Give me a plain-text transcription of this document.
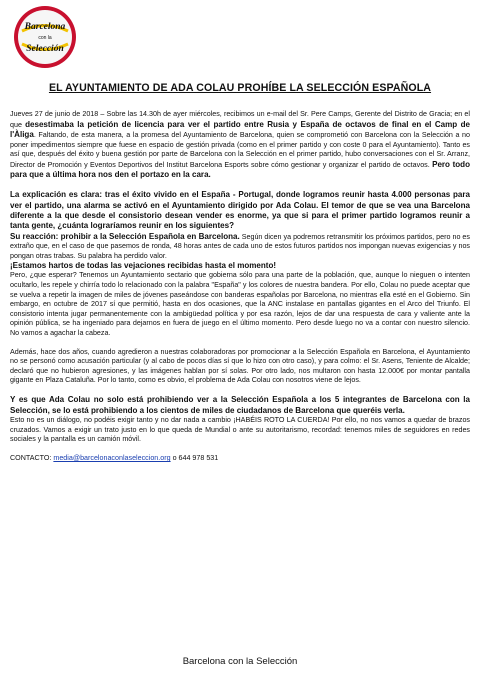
Barcelona
con la
Selección
EL AYUNTAMIENTO DE ADA COLAU PROHÍBE LA SELECCIÓN ESPAÑOLA

Jueves 27 de junio de 2018 – Sobre las 14.30h de ayer miércoles, recibimos un e-mail del Sr. Pere Camps, Gerente del Distrito de Gracia; en el que desestimaba la petición de licencia para ver el partido entre Rusia y España de octavos de final en el Camp de l'Àliga. Faltando, de esta manera, a la promesa del Ayuntamiento de Barcelona, quien se comprometió con Barcelona con la Selección a no poner impedimentos siempre que fuese en espacio de gestión privada (como en el primer partido y con coste 0 para el Ayuntamiento). Tanto es así que, después del éxito y buena gestión por parte de Barcelona con la Selección en el primer partido, hubo conversaciones con el Sr. Arranz, Director de Promoción y Eventos Deportivos del Institut Barcelona Esports sobre cómo gestionar y organizar el partido de octavos. Pero todo para que a última hora nos den el portazo en la cara.

La explicación es clara: tras el éxito vivido en el España - Portugal, donde logramos reunir hasta 4.000 personas para ver el partido, una alarma se activó en el Ayuntamiento dirigido por Ada Colau. El temor de que se vea una Barcelona diferente a la que desde el consistorio desean vender es enorme, ya que si para el primer partido logramos reunir a tanta gente, ¿cuánta lograríamos reunir en los siguientes?

Su reacción: prohibir a la Selección Española en Barcelona. Según dicen ya podremos retransmitir los próximos partidos, pero no es extraño que, en el caso de que pasemos de ronda, 48 horas antes de cada uno de estos futuros partidos nos impongan nuevas exigencias y nos pongan otras trabas. Su palabra ha perdido valor.

¡Estamos hartos de todas las vejaciones recibidas hasta el momento!

Pero, ¿que esperar? Tenemos un Ayuntamiento sectario que gobierna sólo para una parte de la población, que, aunque lo nieguen o intenten ocultarlo, les repele y chirría todo lo relacionado con la palabra "España" y los colores de nuestra bandera. Por ello, Colau no puede aceptar que se vuelva a repetir la imagen de miles de jóvenes paseándose con banderas españolas por Barcelona, no mientras ella esté en el Gobierno. Sin embargo, en octubre de 2017 sí que permitió, hasta en dos ocasiones, que la ANC instalase en pantallas gigantes en el Arco del Triunfo. El consistorio intenta jugar permanentemente con la ambigüedad política y por esa razón, lejos de dar una respuesta de cara y valiente ante la opinión pública, se ha ingeniado para dejarnos en fuera de juego en el último momento. Pero desde luego no va a contar con nuestro silencio. No vamos a agachar la cabeza.

Además, hace dos años, cuando agredieron a nuestras colaboradoras por promocionar a la Selección Española en Barcelona, el Ayuntamiento no se personó como acusación particular (y al cabo de pocos días sí que lo hizo con otro caso), y para colmo: el Sr. Asens, Teniente de Alcalde; declaró que no hubieron agresiones, y las imágenes hablan por sí solas. Por otro lado, nos multaron con hasta 12.000€ por montar pantalla gigante en Plaza Cataluña. Por lo tanto, como es obvio, el problema de Ada Colau con nosotros viene de lejos.

Y es que Ada Colau no solo está prohibiendo ver a la Selección Española a los 5 integrantes de Barcelona con la Selección, se lo está prohibiendo a los cientos de miles de ciudadanos de Barcelona que queréis verla.

Esto no es un diálogo, no podéis exigir tanto y no dar nada a cambio ¡HABÉIS ROTO LA CUERDA! Por ello, no nos vamos a quedar de brazos cruzados. Vamos a exigir un trato justo en lo que queda de Mundial o ante su autoritarismo, recordad: tenemos miles de seguidores en redes sociales y la pantalla es un camión móvil.

CONTACTO: media@barcelonaconlaseleccion.org o 644 978 531

Barcelona con la Selección
